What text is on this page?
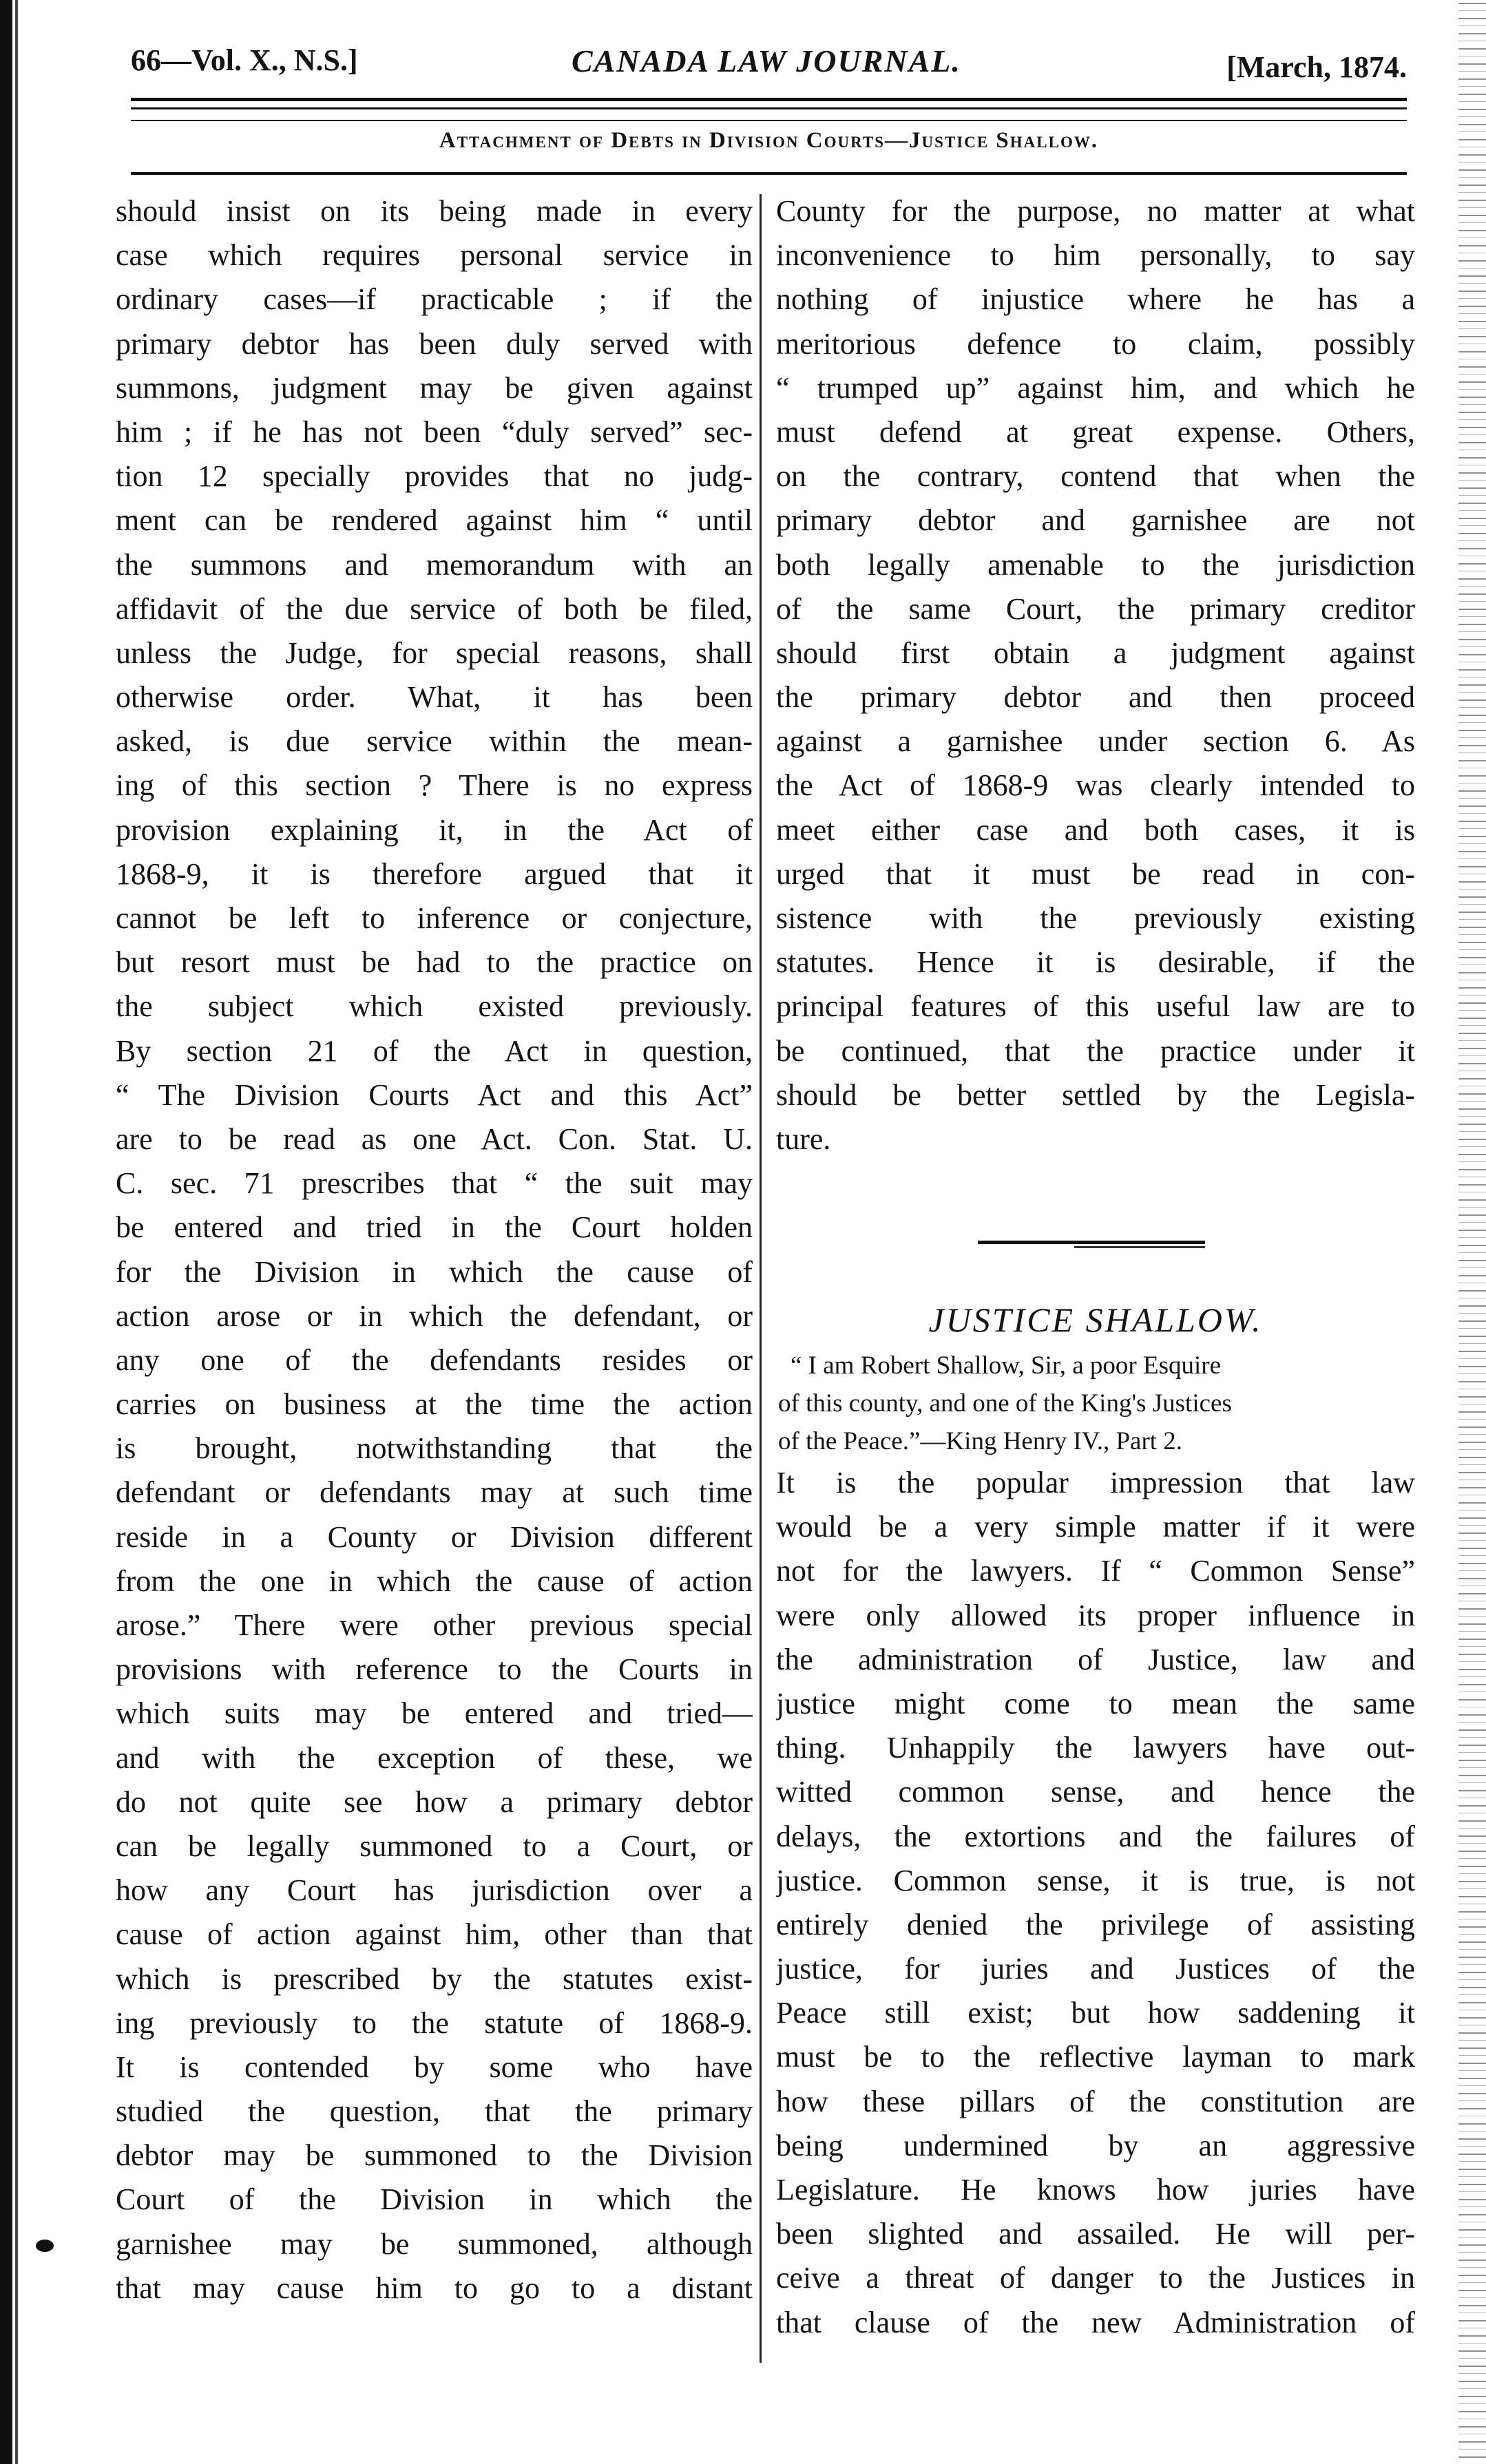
66—Vol. X., N.S.]	CANADA LAW JOURNAL.	[March, 1874.
Attachment of Debts in Division Courts—Justice Shallow.
should insist on its being made in every
case which requires personal service in
ordinary cases—if practicable ; if the
primary debtor has been duly served with
summons, judgment may be given against
him ; if he has not been “duly served” sec-
tion 12 specially provides that no judg-
ment can be rendered against him “ until
the summons and memorandum with an
affidavit of the due service of both be filed,
unless the Judge, for special reasons, shall
otherwise order. What, it has been
asked, is due service within the mean-
ing of this section ? There is no express
provision explaining it, in the Act of
1868-9, it is therefore argued that it
cannot be left to inference or conjecture,
but resort must be had to the practice on
the subject which existed previously.
By section 21 of the Act in question,
“ The Division Courts Act and this Act”
are to be read as one Act. Con. Stat. U.
C. sec. 71 prescribes that “ the suit may
be entered and tried in the Court holden
for the Division in which the cause of
action arose or in which the defendant, or
any one of the defendants resides or
carries on business at the time the action
is brought, notwithstanding that the
defendant or defendants may at such time
reside in a County or Division different
from the one in which the cause of action
arose.” There were other previous special
provisions with reference to the Courts in
which suits may be entered and tried—
and with the exception of these, we
do not quite see how a primary debtor
can be legally summoned to a Court, or
how any Court has jurisdiction over a
cause of action against him, other than that
which is prescribed by the statutes exist-
ing previously to the statute of 1868-9.
It is contended by some who have
studied the question, that the primary
debtor may be summoned to the Division
Court of the Division in which the
garnishee may be summoned, although
that may cause him to go to a distant
County for the purpose, no matter at what
inconvenience to him personally, to say
nothing of injustice where he has a
meritorious defence to claim, possibly
“ trumped up” against him, and which he
must defend at great expense. Others,
on the contrary, contend that when the
primary debtor and garnishee are not
both legally amenable to the jurisdiction
of the same Court, the primary creditor
should first obtain a judgment against
the primary debtor and then proceed
against a garnishee under section 6. As
the Act of 1868-9 was clearly intended to
meet either case and both cases, it is
urged that it must be read in con-
sistence with the previously existing
statutes. Hence it is desirable, if the
principal features of this useful law are to
be continued, that the practice under it
should be better settled by the Legisla-
ture.
JUSTICE SHALLOW.
“ I am Robert Shallow, Sir, a poor Esquire
of this county, and one of the King's Justices
of the Peace.”—King Henry IV., Part 2.
It is the popular impression that law
would be a very simple matter if it were
not for the lawyers. If “ Common Sense”
were only allowed its proper influence in
the administration of Justice, law and
justice might come to mean the same
thing. Unhappily the lawyers have out-
witted common sense, and hence the
delays, the extortions and the failures of
justice. Common sense, it is true, is not
entirely denied the privilege of assisting
justice, for juries and Justices of the
Peace still exist; but how saddening it
must be to the reflective layman to mark
how these pillars of the constitution are
being undermined by an aggressive
Legislature. He knows how juries have
been slighted and assailed. He will per-
ceive a threat of danger to the Justices in
that clause of the new Administration of
